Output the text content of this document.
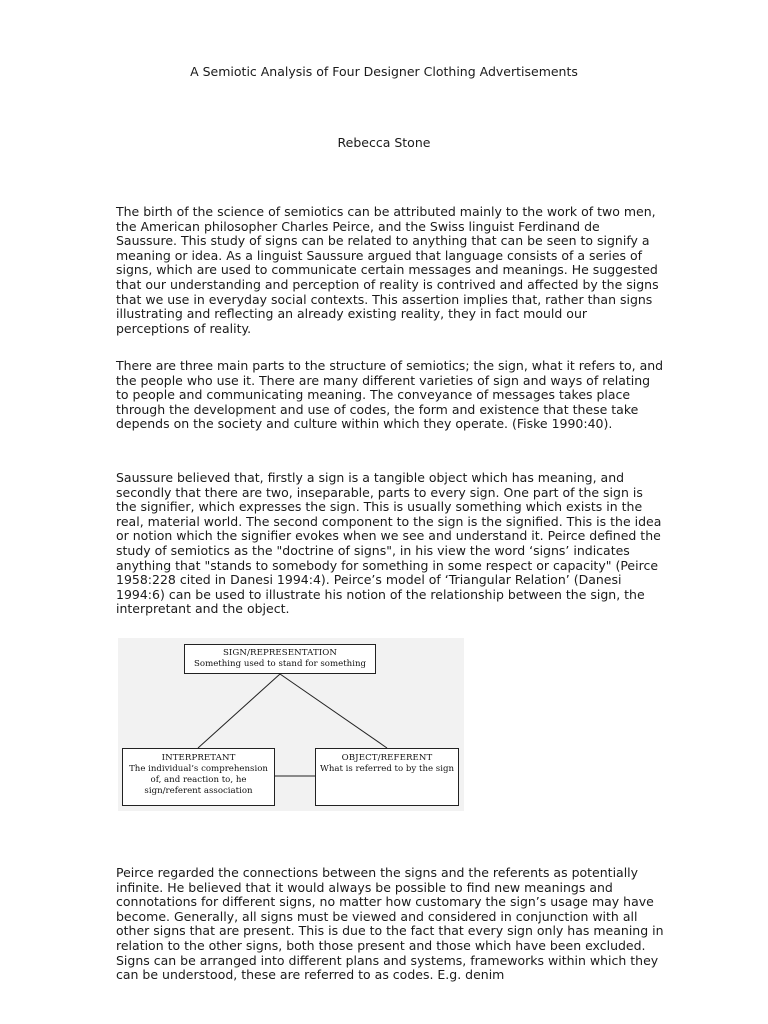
A Semiotic Analysis of Four Designer Clothing Advertisements
Rebecca Stone

The birth of the science of semiotics can be attributed mainly to the work of two men, the American philosopher Charles Peirce, and the Swiss linguist Ferdinand de Saussure. This study of signs can be related to anything that can be seen to signify a meaning or idea. As a linguist Saussure argued that language consists of a series of signs, which are used to communicate certain messages and meanings. He suggested that our understanding and perception of reality is contrived and affected by the signs that we use in everyday social contexts. This assertion implies that, rather than signs illustrating and reflecting an already existing reality, they in fact mould our perceptions of reality.

There are three main parts to the structure of semiotics; the sign, what it refers to, and the people who use it. There are many different varieties of sign and ways of relating to people and communicating meaning. The conveyance of messages takes place through the development and use of codes, the form and existence that these take depends on the society and culture within which they operate. (Fiske 1990:40).

Saussure believed that, firstly a sign is a tangible object which has meaning, and secondly that there are two, inseparable, parts to every sign. One part of the sign is the signifier, which expresses the sign. This is usually something which exists in the real, material world. The second component to the sign is the signified. This is the idea or notion which the signifier evokes when we see and understand it. Peirce defined the study of semiotics as the "doctrine of signs", in his view the word ‘signs’ indicates anything that "stands to somebody for something in some respect or capacity" (Peirce 1958:228 cited in Danesi 1994:4). Peirce’s model of ‘Triangular Relation’ (Danesi 1994:6) can be used to illustrate his notion of the relationship between the sign, the interpretant and the object.

SIGN/REPRESENTATION
Something used to stand for something
INTERPRETANT
The individual’s comprehension
of, and reaction to, he
sign/referent association
OBJECT/REFERENT
What is referred to by the sign

Peirce regarded the connections between the signs and the referents as potentially infinite. He believed that it would always be possible to find new meanings and connotations for different signs, no matter how customary the sign’s usage may have become. Generally, all signs must be viewed and considered in conjunction with all other signs that are present. This is due to the fact that every sign only has meaning in relation to the other signs, both those present and those which have been excluded. Signs can be arranged into different plans and systems, frameworks within which they can be understood, these are referred to as codes. E.g. denim
